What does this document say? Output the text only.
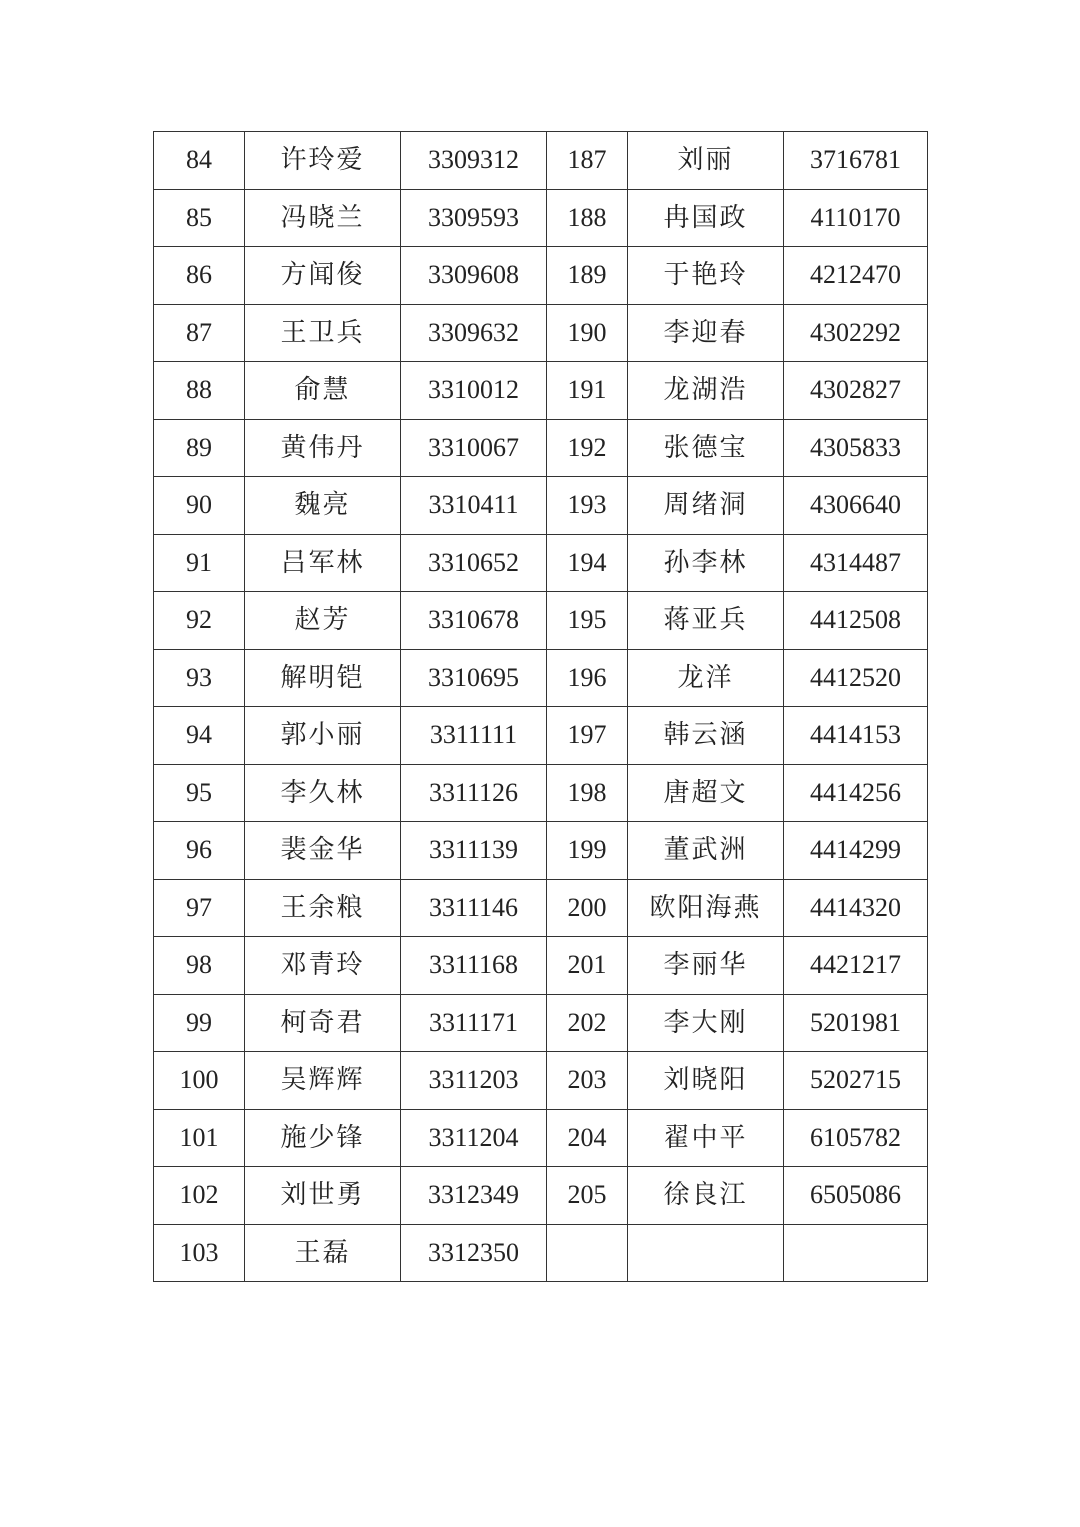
84	许玲爱	3309312	187	刘丽	3716781
85	冯晓兰	3309593	188	冉国政	4110170
86	方闻俊	3309608	189	于艳玲	4212470
87	王卫兵	3309632	190	李迎春	4302292
88	俞慧	3310012	191	龙湖浩	4302827
89	黄伟丹	3310067	192	张德宝	4305833
90	魏亮	3310411	193	周绪洞	4306640
91	吕军林	3310652	194	孙李林	4314487
92	赵芳	3310678	195	蒋亚兵	4412508
93	解明铠	3310695	196	龙洋	4412520
94	郭小丽	3311111	197	韩云涵	4414153
95	李久林	3311126	198	唐超文	4414256
96	裴金华	3311139	199	董武洲	4414299
97	王余粮	3311146	200	欧阳海燕	4414320
98	邓青玲	3311168	201	李丽华	4421217
99	柯奇君	3311171	202	李大刚	5201981
100	吴辉辉	3311203	203	刘晓阳	5202715
101	施少锋	3311204	204	翟中平	6105782
102	刘世勇	3312349	205	徐良江	6505086
103	王磊	3312350			
